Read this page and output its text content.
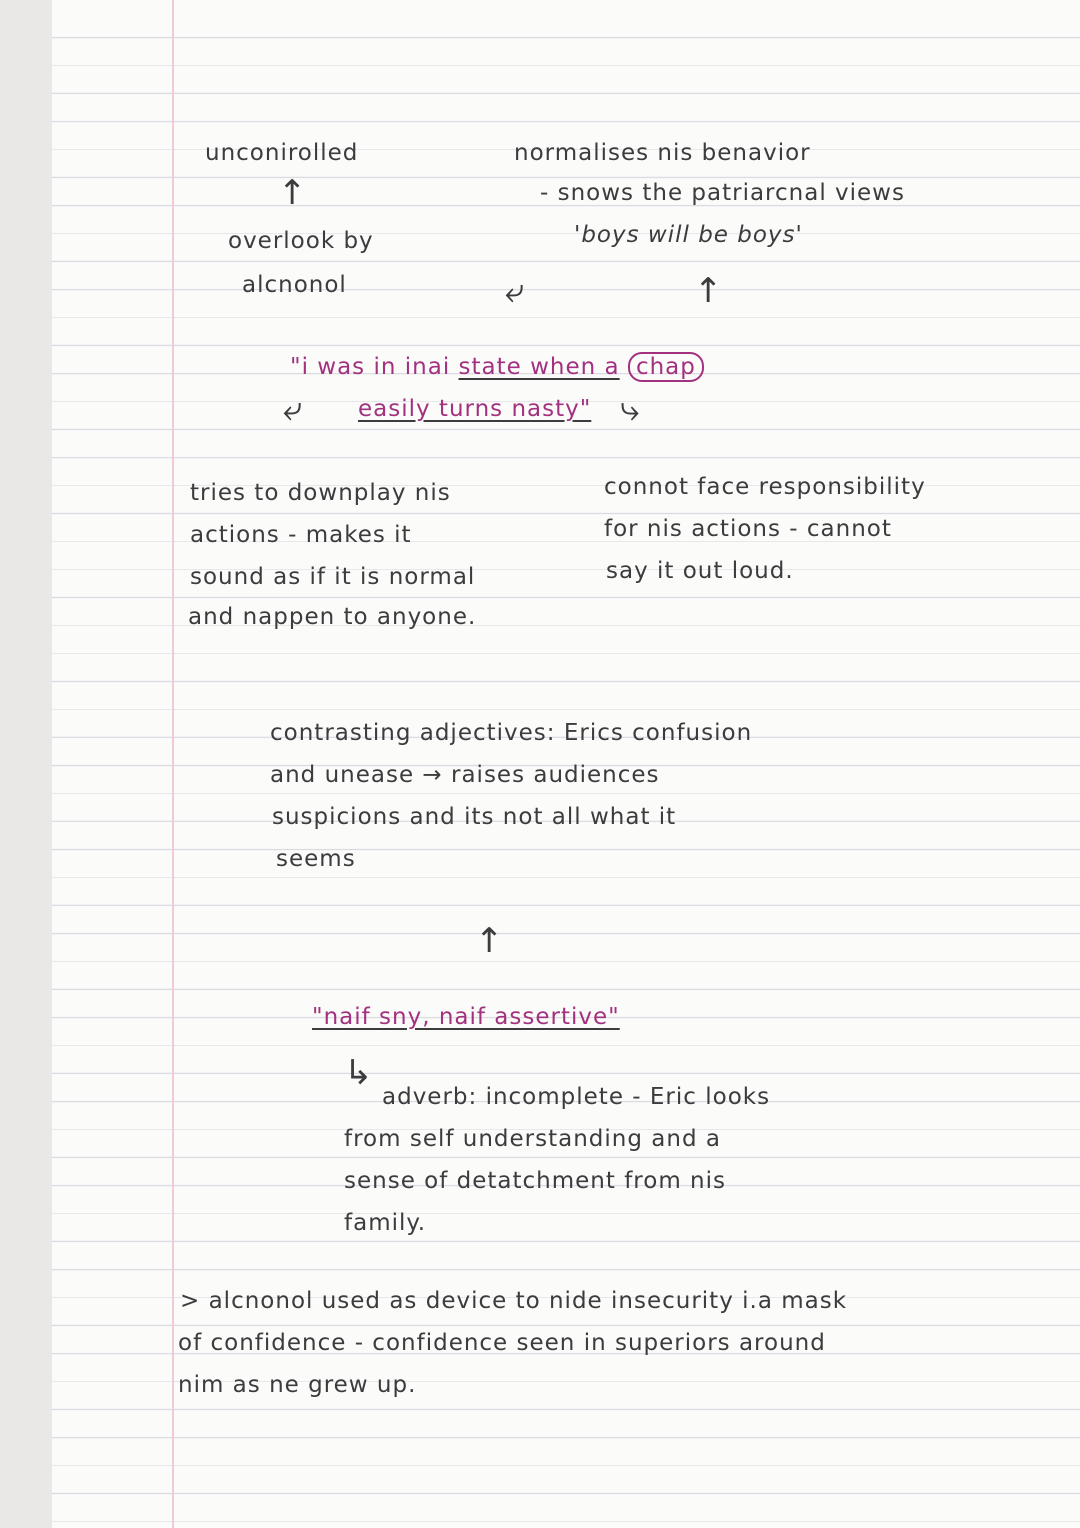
unconirolled
↑
overlook by
alcnonol
normalises nis benavior
- snows the patriarcnal views
'boys will be boys'
⤶	↑
"i was in inai state when a chap
⤶ easily turns nasty" ⤷
tries to downplay nis
actions - makes it
sound as if it is normal
and nappen to anyone.
connot face responsibility
for nis actions - cannot
say it out loud.
contrasting adjectives: Erics confusion
and unease → raises audiences
suspicions and its not all what it
seems
↑
"naif sny, naif assertive"
↳
adverb: incomplete - Eric looks
from self understanding and a
sense of detatchment from nis
family.
> alcnonol used as device to nide insecurity i.a mask
of confidence - confidence seen in superiors around
nim as ne grew up.
